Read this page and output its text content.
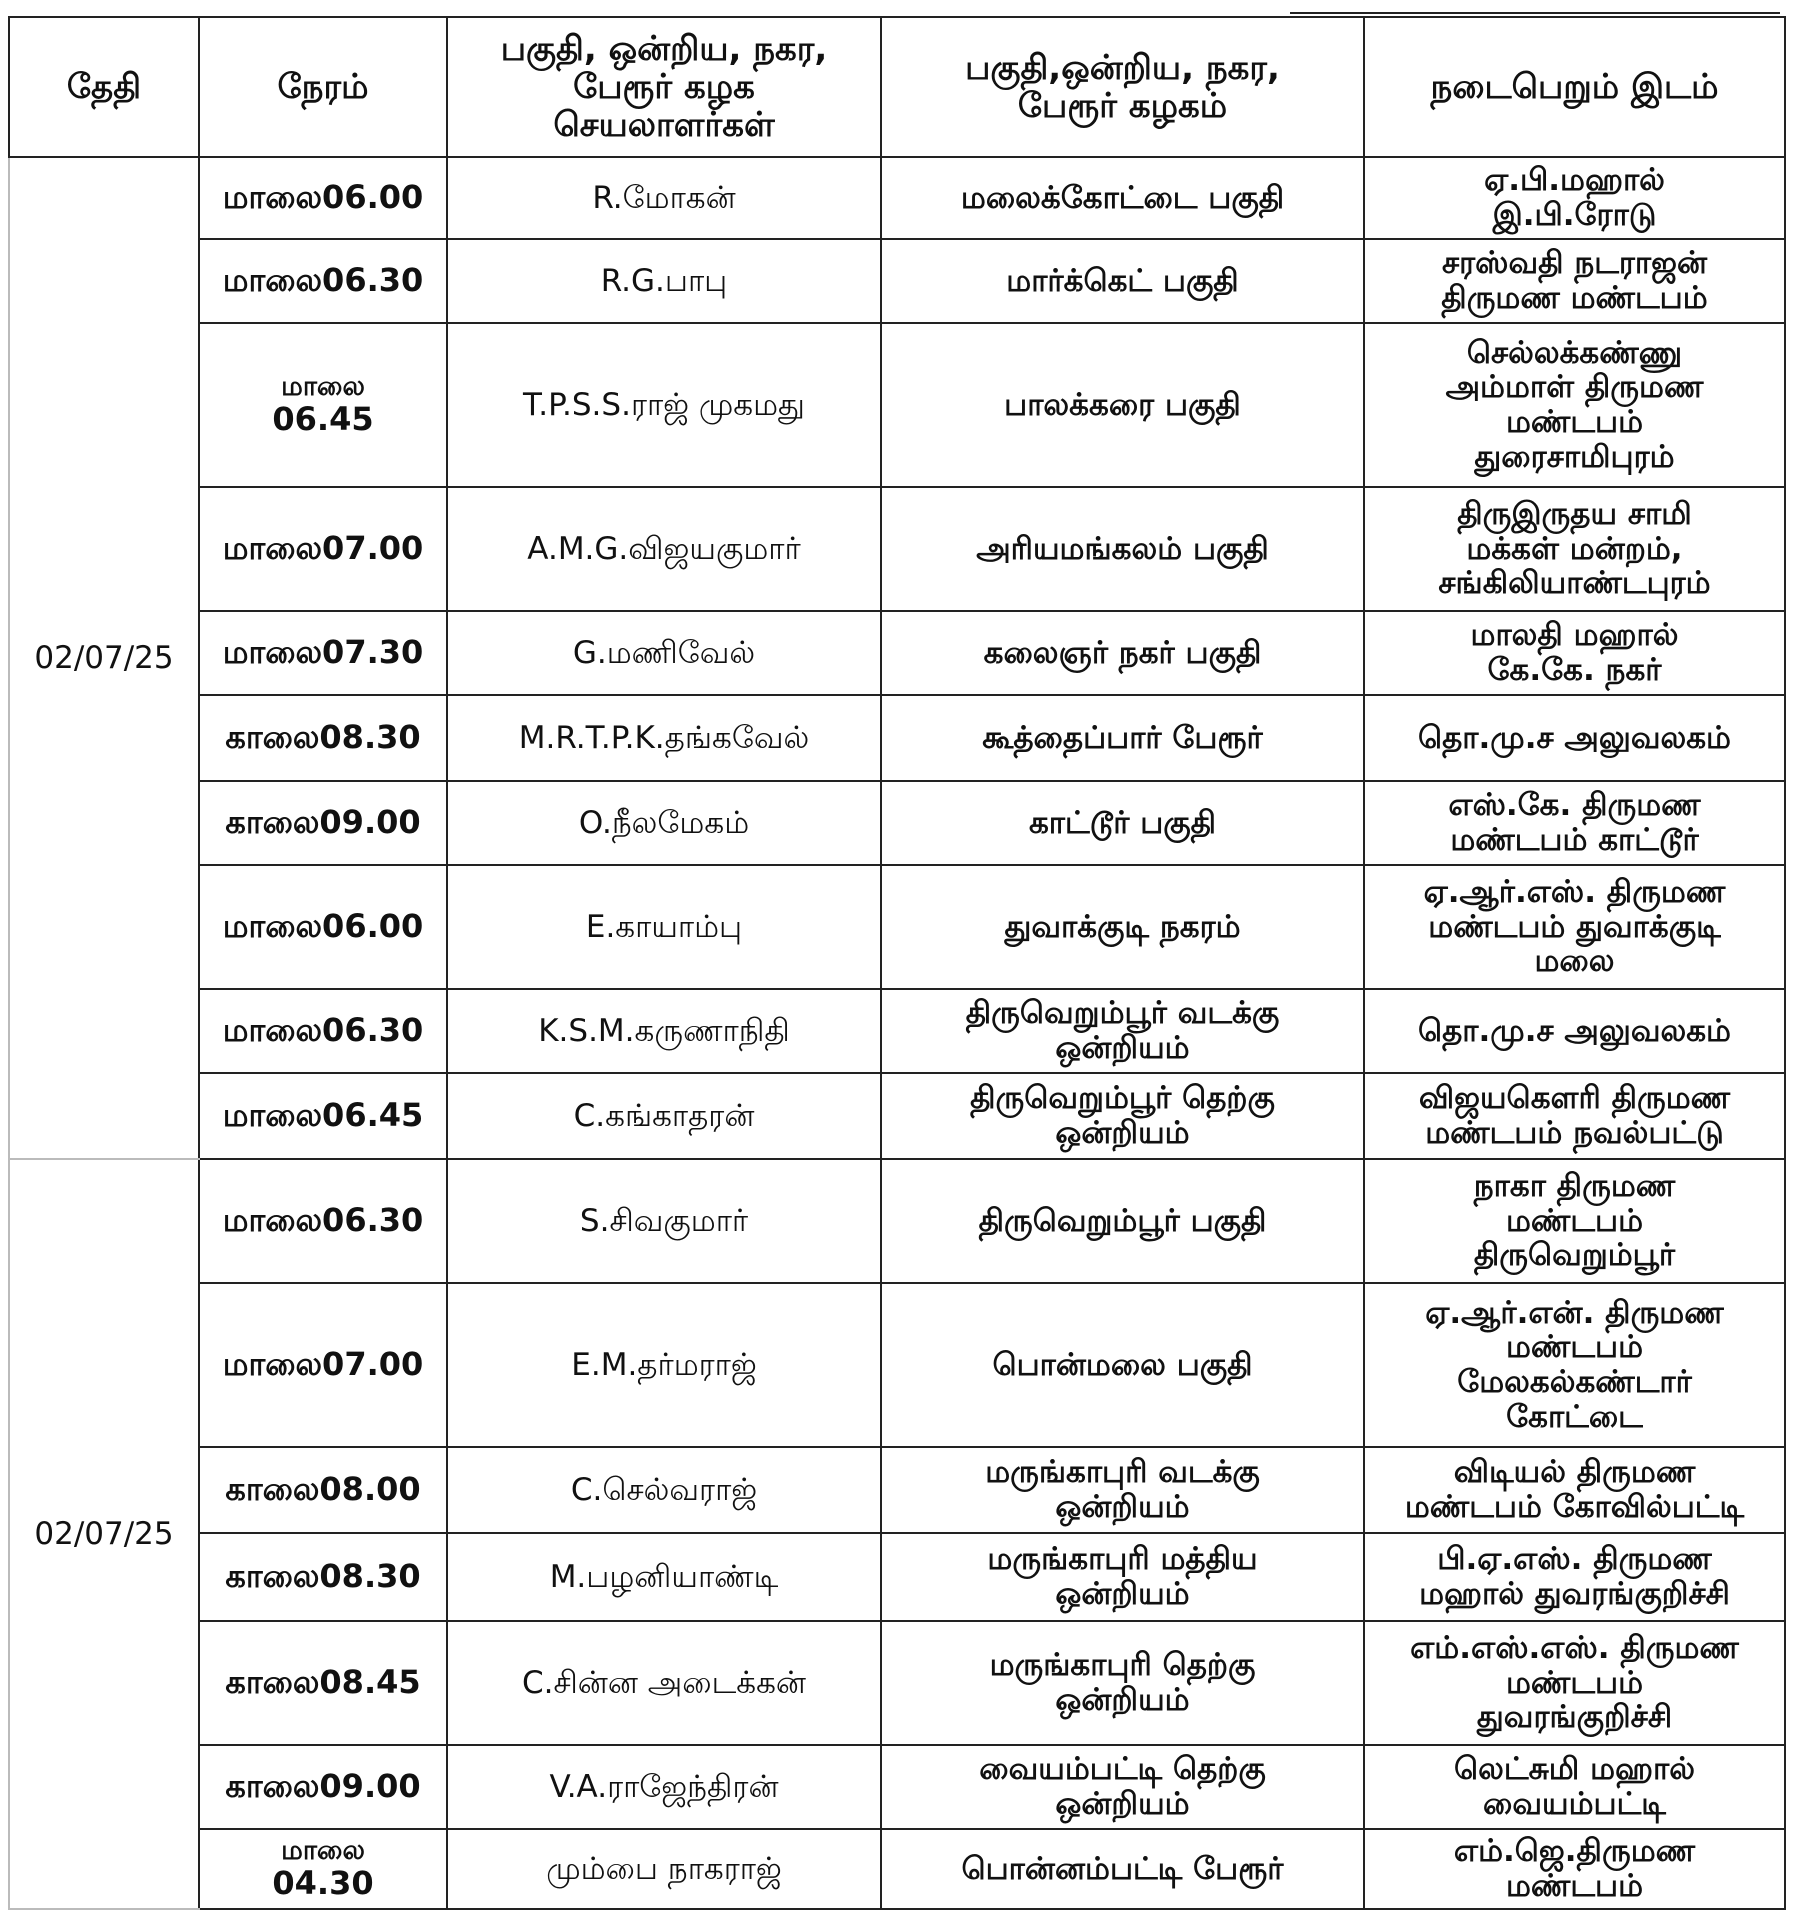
தேதி	நேரம்	பகுதி, ஒன்றிய, நகர,
பேரூர் கழக
செயலாளர்கள்	பகுதி,ஒன்றிய, நகர,
பேரூர் கழகம்	நடைபெறும் இடம்
02/07/25	மாலை06.00	R.மோகன்	மலைக்கோட்டை பகுதி	ஏ.பி.மஹால்
இ.பி.ரோடு

	மாலை06.30	R.G.பாபு	மார்க்கெட் பகுதி	சரஸ்வதி நடராஜன்
திருமண மண்டபம்

	மாலை
06.45	T.P.S.S.ராஜ் முகமது	பாலக்கரை பகுதி	செல்லக்கண்ணு
அம்மாள் திருமண
மண்டபம்
துரைசாமிபுரம்

	மாலை07.00	A.M.G.விஜயகுமார்	அரியமங்கலம் பகுதி	திருஇருதய சாமி
மக்கள் மன்றம்,
சங்கிலியாண்டபுரம்

	மாலை07.30	G.மணிவேல்	கலைஞர் நகர் பகுதி	மாலதி மஹால்
கே.கே. நகர்

	காலை08.30	M.R.T.P.K.தங்கவேல்	கூத்தைப்பார் பேரூர்	தொ.மு.ச அலுவலகம்

	காலை09.00	O.நீலமேகம்	காட்டூர் பகுதி	எஸ்.கே. திருமண
மண்டபம் காட்டூர்

	மாலை06.00	E.காயாம்பு	துவாக்குடி நகரம்	ஏ.ஆர்.எஸ். திருமண
மண்டபம் துவாக்குடி
மலை

	மாலை06.30	K.S.M.கருணாநிதி	திருவெறும்பூர் வடக்கு
ஒன்றியம்	தொ.மு.ச அலுவலகம்

	மாலை06.45	C.கங்காதரன்	திருவெறும்பூர் தெற்கு
ஒன்றியம்	விஜயகௌரி திருமண
மண்டபம் நவல்பட்டு

02/07/25	மாலை06.30	S.சிவகுமார்	திருவெறும்பூர் பகுதி	நாகா திருமண
மண்டபம்
திருவெறும்பூர்

	மாலை07.00	E.M.தர்மராஜ்	பொன்மலை பகுதி	ஏ.ஆர்.என். திருமண
மண்டபம்
மேலகல்கண்டார்
கோட்டை

	காலை08.00	C.செல்வராஜ்	மருங்காபுரி வடக்கு
ஒன்றியம்	விடியல் திருமண
மண்டபம் கோவில்பட்டி

	காலை08.30	M.பழனியாண்டி	மருங்காபுரி மத்திய
ஒன்றியம்	பி.ஏ.எஸ். திருமண
மஹால் துவரங்குறிச்சி

	காலை08.45	C.சின்ன அடைக்கன்	மருங்காபுரி தெற்கு
ஒன்றியம்	எம்.எஸ்.எஸ். திருமண
மண்டபம்
துவரங்குறிச்சி

	காலை09.00	V.A.ராஜேந்திரன்	வையம்பட்டி தெற்கு
ஒன்றியம்	லெட்சுமி மஹால்
வையம்பட்டி

	மாலை
04.30	மும்பை நாகராஜ்	பொன்னம்பட்டி பேரூர்	எம்.ஜெ.திருமண
மண்டபம்
